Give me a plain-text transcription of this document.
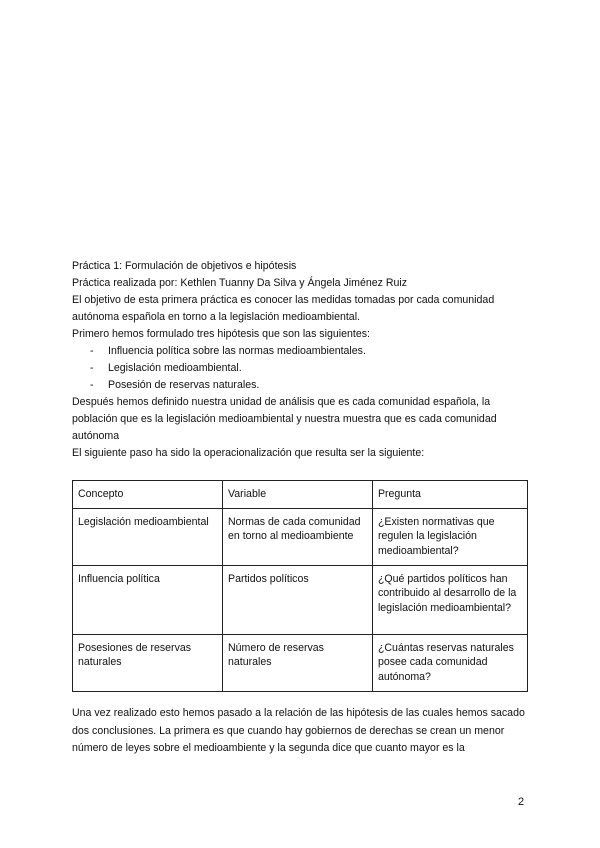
Práctica 1: Formulación de objetivos e hipótesis

Práctica realizada por: Kethlen Tuanny Da Silva y Ángela Jiménez Ruiz

El objetivo de esta primera práctica es conocer las medidas tomadas por cada comunidad autónoma española en torno a la legislación medioambiental.

Primero hemos formulado tres hipótesis que son las siguientes:

- Influencia política sobre las normas medioambientales.
- Legislación medioambiental.
- Posesión de reservas naturales.

Después hemos definido nuestra unidad de análisis que es cada comunidad española, la población que es la legislación medioambiental y nuestra muestra que es cada comunidad autónoma

El siguiente paso ha sido la operacionalización que resulta ser la siguiente:

Concepto	Variable	Pregunta
Legislación medioambiental	Normas de cada comunidad en torno al medioambiente	¿Existen normativas que regulen la legislación medioambiental?
Influencia política	Partidos políticos	¿Qué partidos políticos han contribuido al desarrollo de la legislación medioambiental?
Posesiones de reservas naturales	Número de reservas naturales	¿Cuántas reservas naturales posee cada comunidad autónoma?

Una vez realizado esto hemos pasado a la relación de las hipótesis de las cuales hemos sacado dos conclusiones. La primera es que cuando hay gobiernos de derechas se crean un menor número de leyes sobre el medioambiente y la segunda dice que cuanto mayor es la

2
